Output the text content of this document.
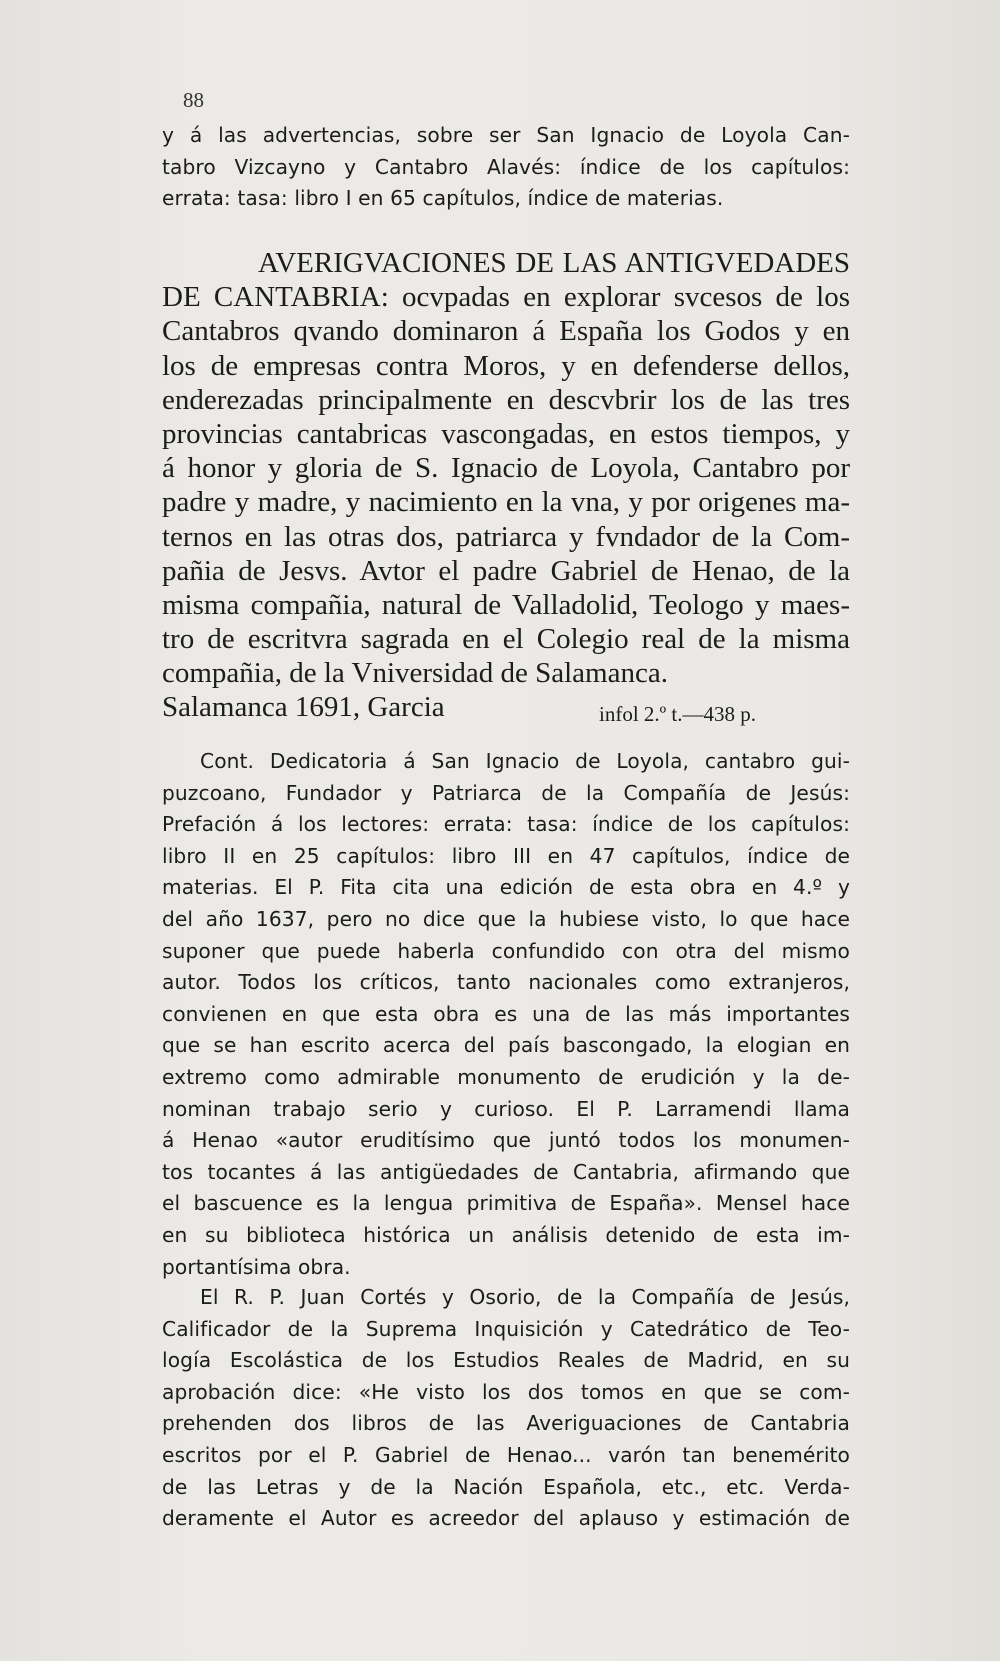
88
y á las advertencias, sobre ser San Ignacio de Loyola Can-
tabro Vizcayno y Cantabro Alavés: índice de los capítulos:
errata: tasa: libro I en 65 capítulos, índice de materias.
AVERIGVACIONES DE LAS ANTIGVEDADES
DE CANTABRIA: ocvpadas en explorar svcesos de los
Cantabros qvando dominaron á España los Godos y en
los de empresas contra Moros, y en defenderse dellos,
enderezadas principalmente en descvbrir los de las tres
provincias cantabricas vascongadas, en estos tiempos, y
á honor y gloria de S. Ignacio de Loyola, Cantabro por
padre y madre, y nacimiento en la vna, y por origenes ma-
ternos en las otras dos, patriarca y fvndador de la Com-
pañia de Jesvs. Avtor el padre Gabriel de Henao, de la
misma compañia, natural de Valladolid, Teologo y maes-
tro de escritvra sagrada en el Colegio real de la misma
compañia, de la Vniversidad de Salamanca.
Salamanca 1691, Garcia	infol 2.º t.—438 p.
Cont. Dedicatoria á San Ignacio de Loyola, cantabro gui-
puzcoano, Fundador y Patriarca de la Compañía de Jesús:
Prefación á los lectores: errata: tasa: índice de los capítulos:
libro II en 25 capítulos: libro III en 47 capítulos, índice de
materias. El P. Fita cita una edición de esta obra en 4.º y
del año 1637, pero no dice que la hubiese visto, lo que hace
suponer que puede haberla confundido con otra del mismo
autor. Todos los críticos, tanto nacionales como extranjeros,
convienen en que esta obra es una de las más importantes
que se han escrito acerca del país bascongado, la elogian en
extremo como admirable monumento de erudición y la de-
nominan trabajo serio y curioso. El P. Larramendi llama
á Henao «autor eruditísimo que juntó todos los monumen-
tos tocantes á las antigüedades de Cantabria, afirmando que
el bascuence es la lengua primitiva de España». Mensel hace
en su biblioteca histórica un análisis detenido de esta im-
portantísima obra.
El R. P. Juan Cortés y Osorio, de la Compañía de Jesús,
Calificador de la Suprema Inquisición y Catedrático de Teo-
logía Escolástica de los Estudios Reales de Madrid, en su
aprobación dice: «He visto los dos tomos en que se com-
prehenden dos libros de las Averiguaciones de Cantabria
escritos por el P. Gabriel de Henao... varón tan benemérito
de las Letras y de la Nación Española, etc., etc. Verda-
deramente el Autor es acreedor del aplauso y estimación de
